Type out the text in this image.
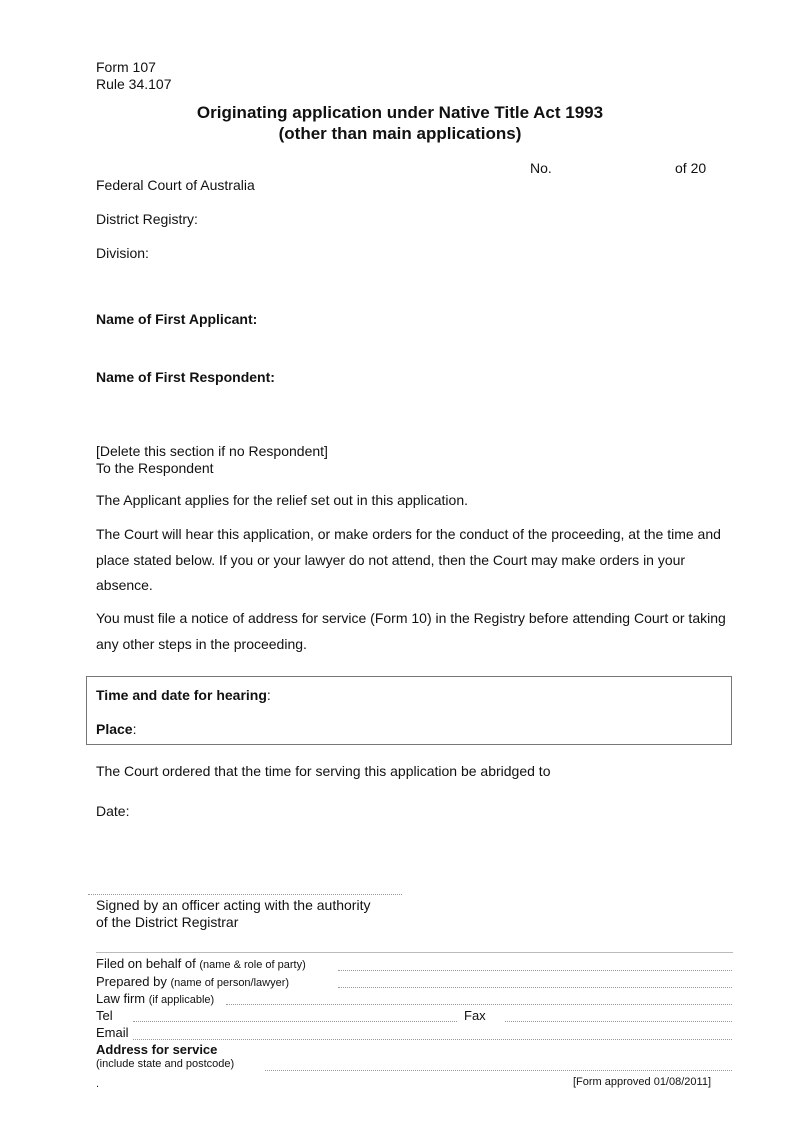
Form 107
Rule 34.107
Originating application under Native Title Act 1993
(other than main applications)
No.	of 20
Federal Court of Australia
District Registry:
Division:
Name of First Applicant:
Name of First Respondent:
[Delete this section if no Respondent]
To the Respondent
The Applicant applies for the relief set out in this application.
The Court will hear this application, or make orders for the conduct of the proceeding, at the time and place stated below. If you or your lawyer do not attend, then the Court may make orders in your absence.
You must file a notice of address for service (Form 10) in the Registry before attending Court or taking any other steps in the proceeding.
Time and date for hearing:
Place:
The Court ordered that the time for serving this application be abridged to
Date:
Signed by an officer acting with the authority
of the District Registrar
Filed on behalf of (name & role of party)
Prepared by (name of person/lawyer)
Law firm (if applicable)
Tel	Fax
Email
Address for service
(include state and postcode)
.	[Form approved 01/08/2011]
